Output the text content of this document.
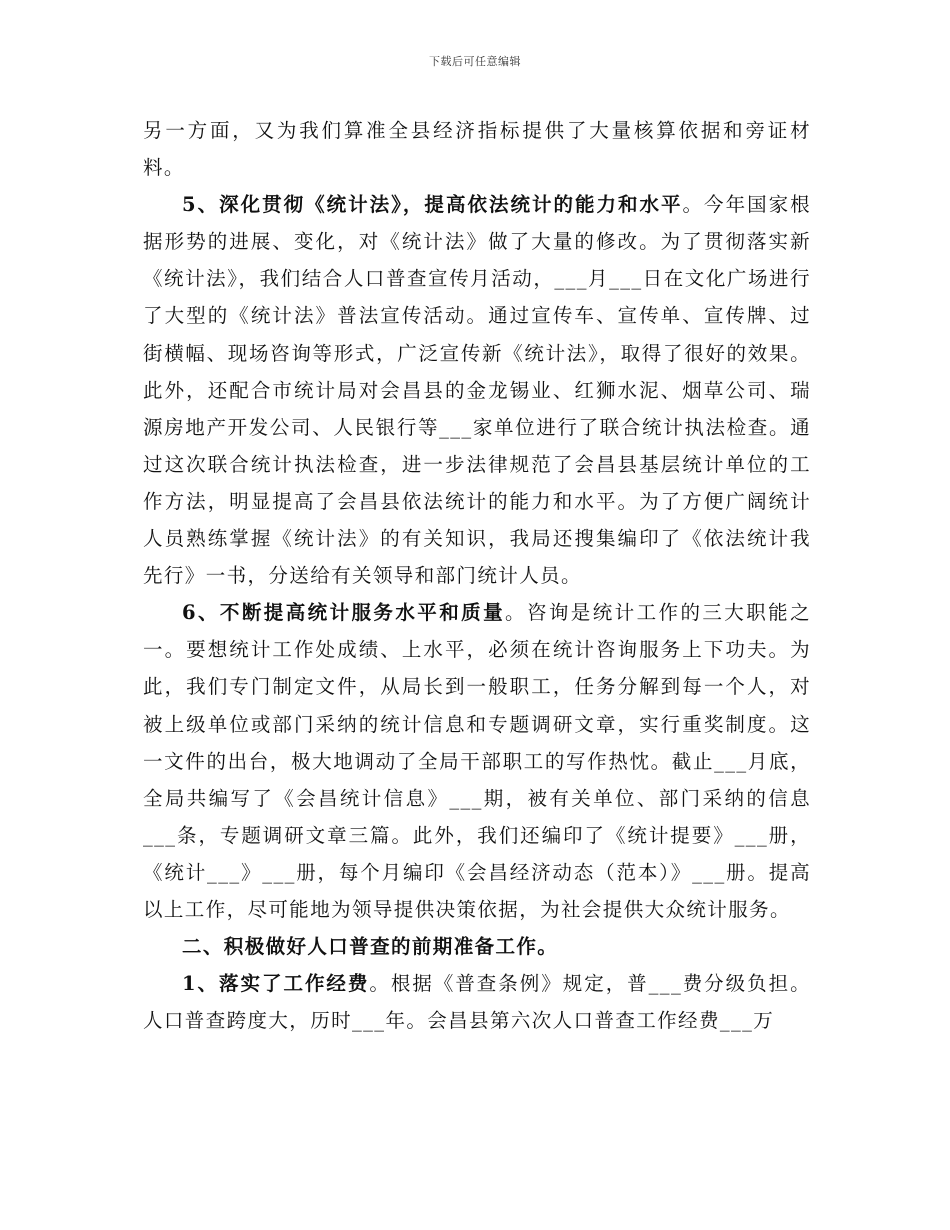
下载后可任意编辑

另一方面，又为我们算准全县经济指标提供了大量核算依据和旁证材料。

5、深化贯彻《统计法》，提高依法统计的能力和水平。今年国家根据形势的进展、变化，对《统计法》做了大量的修改。为了贯彻落实新《统计法》，我们结合人口普查宣传月活动，___月___日在文化广场进行了大型的《统计法》普法宣传活动。通过宣传车、宣传单、宣传牌、过街横幅、现场咨询等形式，广泛宣传新《统计法》，取得了很好的效果。此外，还配合市统计局对会昌县的金龙锡业、红狮水泥、烟草公司、瑞源房地产开发公司、人民银行等___家单位进行了联合统计执法检查。通过这次联合统计执法检查，进一步法律规范了会昌县基层统计单位的工作方法，明显提高了会昌县依法统计的能力和水平。为了方便广阔统计人员熟练掌握《统计法》的有关知识，我局还搜集编印了《依法统计我先行》一书，分送给有关领导和部门统计人员。

6、不断提高统计服务水平和质量。咨询是统计工作的三大职能之一。要想统计工作处成绩、上水平，必须在统计咨询服务上下功夫。为此，我们专门制定文件，从局长到一般职工，任务分解到每一个人，对被上级单位或部门采纳的统计信息和专题调研文章，实行重奖制度。这一文件的出台，极大地调动了全局干部职工的写作热忱。截止___月底，全局共编写了《会昌统计信息》___期，被有关单位、部门采纳的信息___条，专题调研文章三篇。此外，我们还编印了《统计提要》___册，《统计___》___册，每个月编印《会昌经济动态（范本）》___册。提高以上工作，尽可能地为领导提供决策依据，为社会提供大众统计服务。

二、积极做好人口普查的前期准备工作。

1、落实了工作经费。根据《普查条例》规定，普___费分级负担。人口普查跨度大，历时___年。会昌县第六次人口普查工作经费___万
